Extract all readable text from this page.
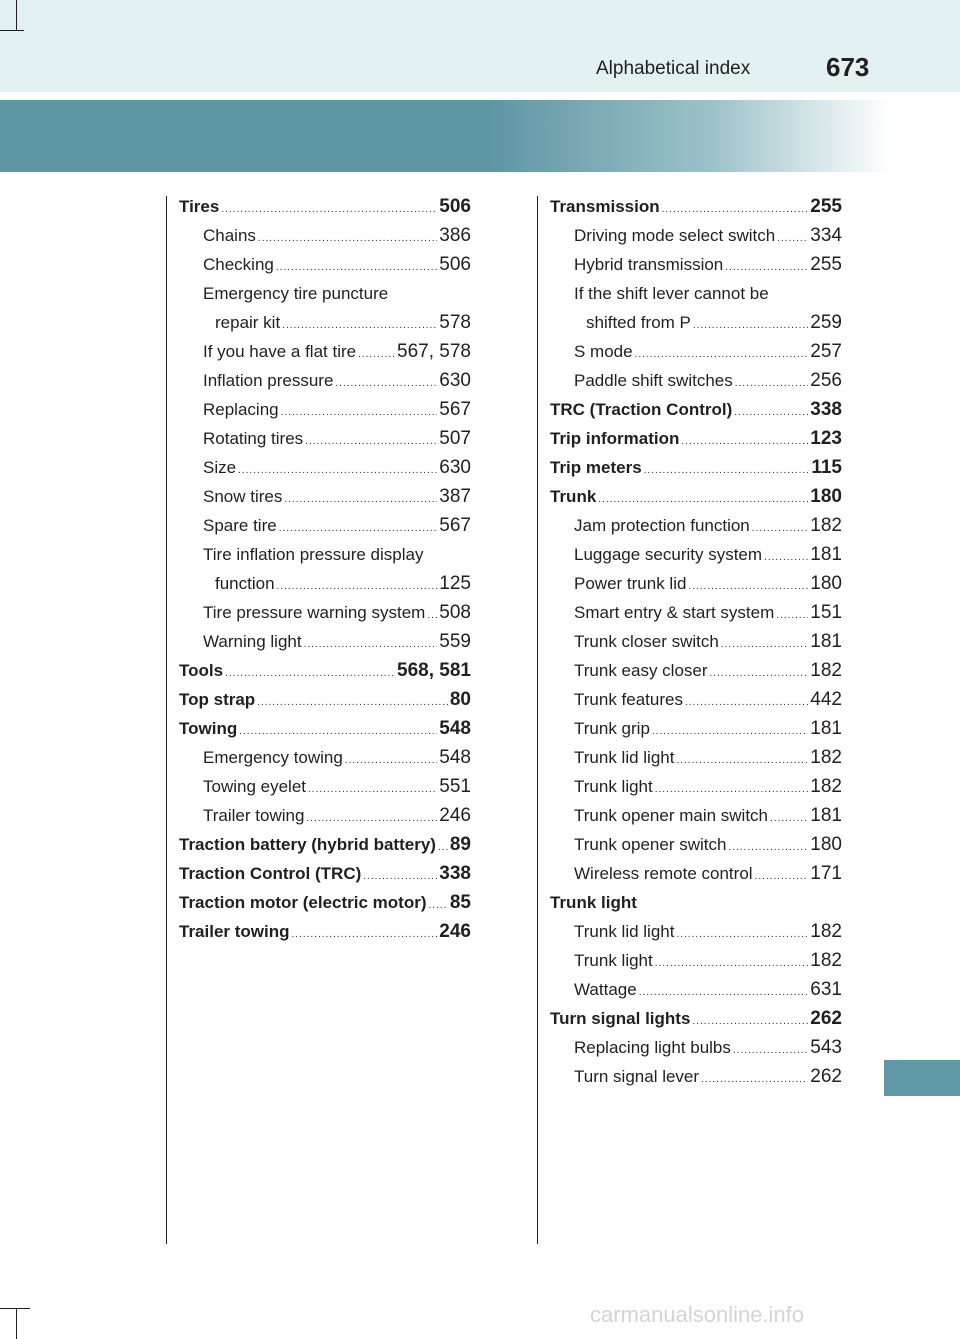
Alphabetical index	673
Tires .....	506
Chains .....	386
Checking .....	506
Emergency tire puncture
repair kit .....	578
If you have a flat tire ..... 567, 578
Inflation pressure .....	630
Replacing .....	567
Rotating tires .....	507
Size .....	630
Snow tires .....	387
Spare tire .....	567
Tire inflation pressure display
function .....	125
Tire pressure warning system ..... 508
Warning light .....	559
Tools .....	568, 581
Top strap .....	80
Towing .....	548
Emergency towing .....	548
Towing eyelet .....	551
Trailer towing .....	246
Traction battery (hybrid battery) ..... 89
Traction Control (TRC) .....	338
Traction motor (electric motor) ..... 85
Trailer towing .....	246
Transmission .....	255
Driving mode select switch ..... 334
Hybrid transmission .....	255
If the shift lever cannot be
shifted from P .....	259
S mode .....	257
Paddle shift switches .....	256
TRC (Traction Control) .....	338
Trip information .....	123
Trip meters .....	115
Trunk .....	180
Jam protection function .....	182
Luggage security system .....	181
Power trunk lid .....	180
Smart entry & start system ..... 151
Trunk closer switch .....	181
Trunk easy closer .....	182
Trunk features .....	442
Trunk grip .....	181
Trunk lid light .....	182
Trunk light .....	182
Trunk opener main switch ..... 181
Trunk opener switch .....	180
Wireless remote control .....	171
Trunk light
Trunk lid light .....	182
Trunk light .....	182
Wattage .....	631
Turn signal lights .....	262
Replacing light bulbs .....	543
Turn signal lever .....	262
carmanualsonline.info
